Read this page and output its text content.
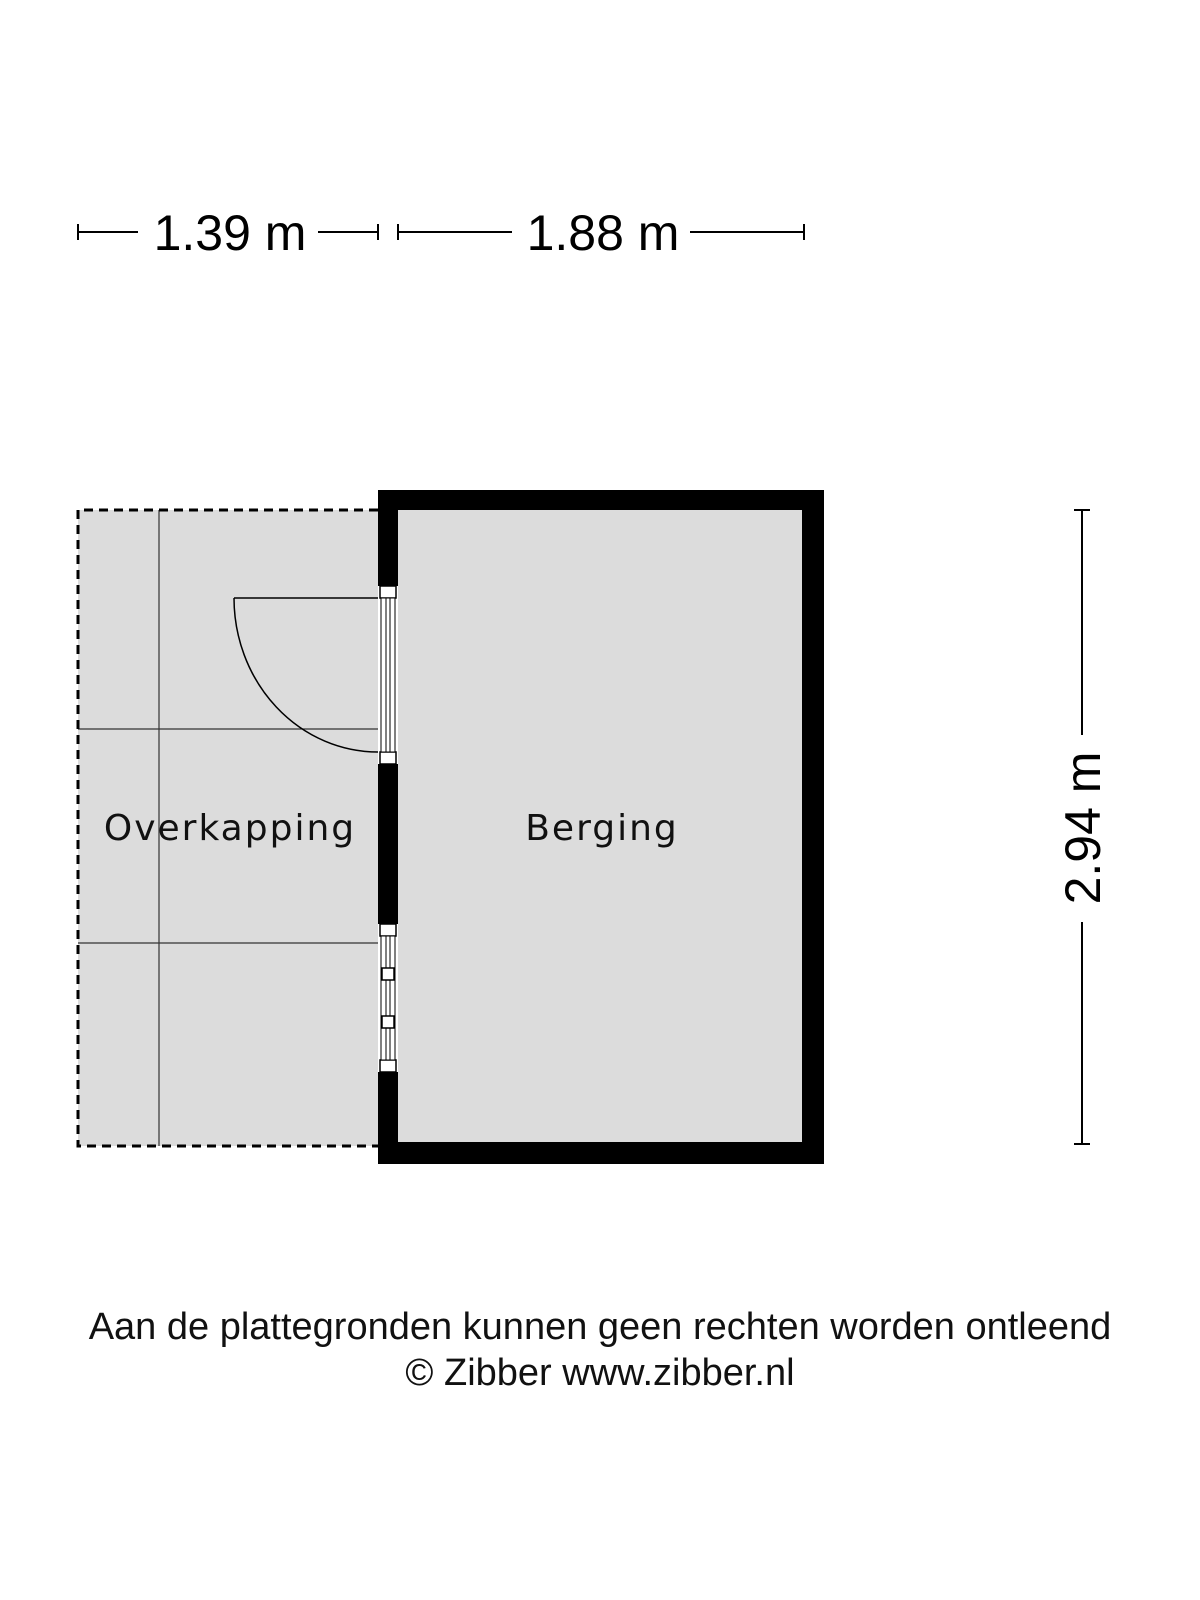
1.39 m	1.88 m
2.94 m
Overkapping	Berging
Aan de plattegronden kunnen geen rechten worden ontleend
© Zibber www.zibber.nl
